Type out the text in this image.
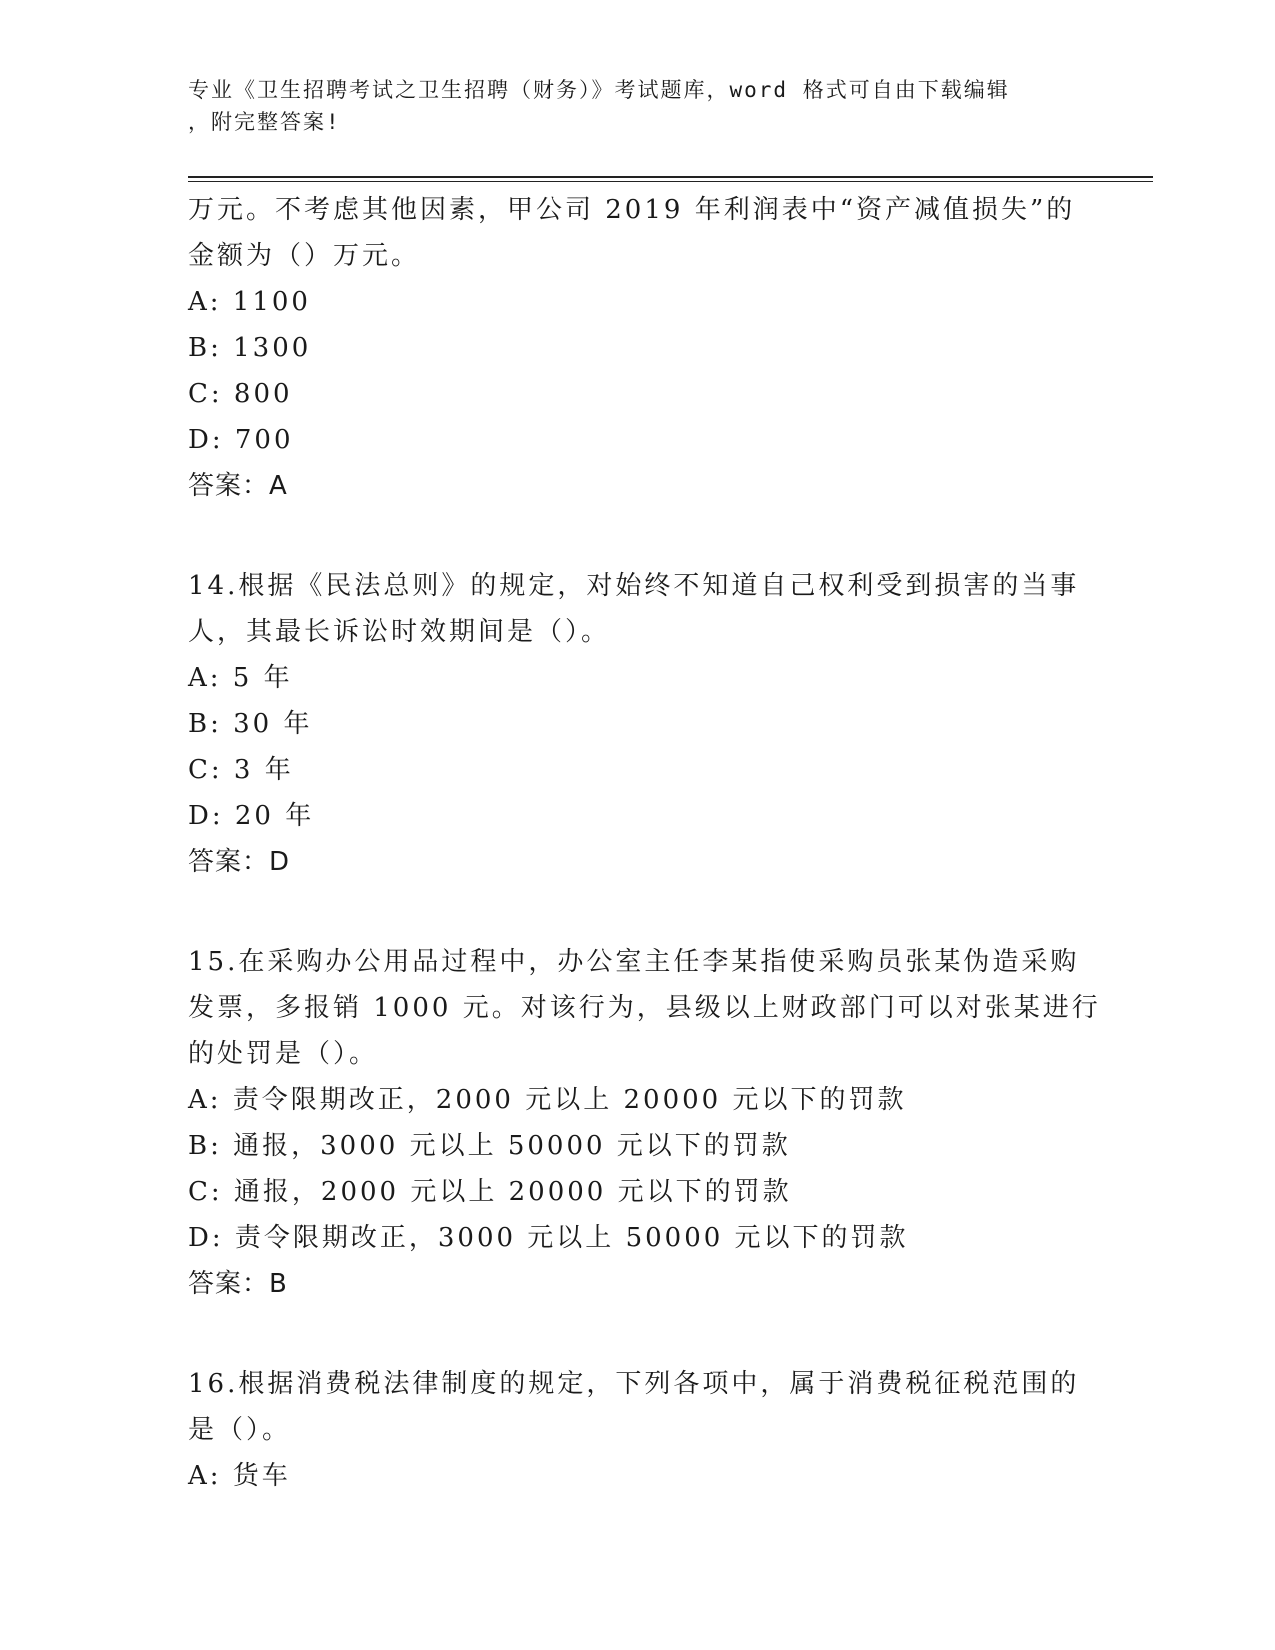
专业《卫生招聘考试之卫生招聘（财务）》考试题库，word 格式可自由下载编辑
，附完整答案!
万元。不考虑其他因素，甲公司 2019 年利润表中“资产减值损失”的
金额为（）万元。
A: 1100
B: 1300
C: 800
D: 700
答案：A
14.根据《民法总则》的规定，对始终不知道自己权利受到损害的当事
人，其最长诉讼时效期间是（）。
A: 5 年
B: 30 年
C: 3 年
D: 20 年
答案：D
15.在采购办公用品过程中，办公室主任李某指使采购员张某伪造采购
发票，多报销 1000 元。对该行为，县级以上财政部门可以对张某进行
的处罚是（）。
A: 责令限期改正，2000 元以上 20000 元以下的罚款
B: 通报，3000 元以上 50000 元以下的罚款
C: 通报，2000 元以上 20000 元以下的罚款
D: 责令限期改正，3000 元以上 50000 元以下的罚款
答案：B
16.根据消费税法律制度的规定，下列各项中，属于消费税征税范围的
是（）。
A: 货车
